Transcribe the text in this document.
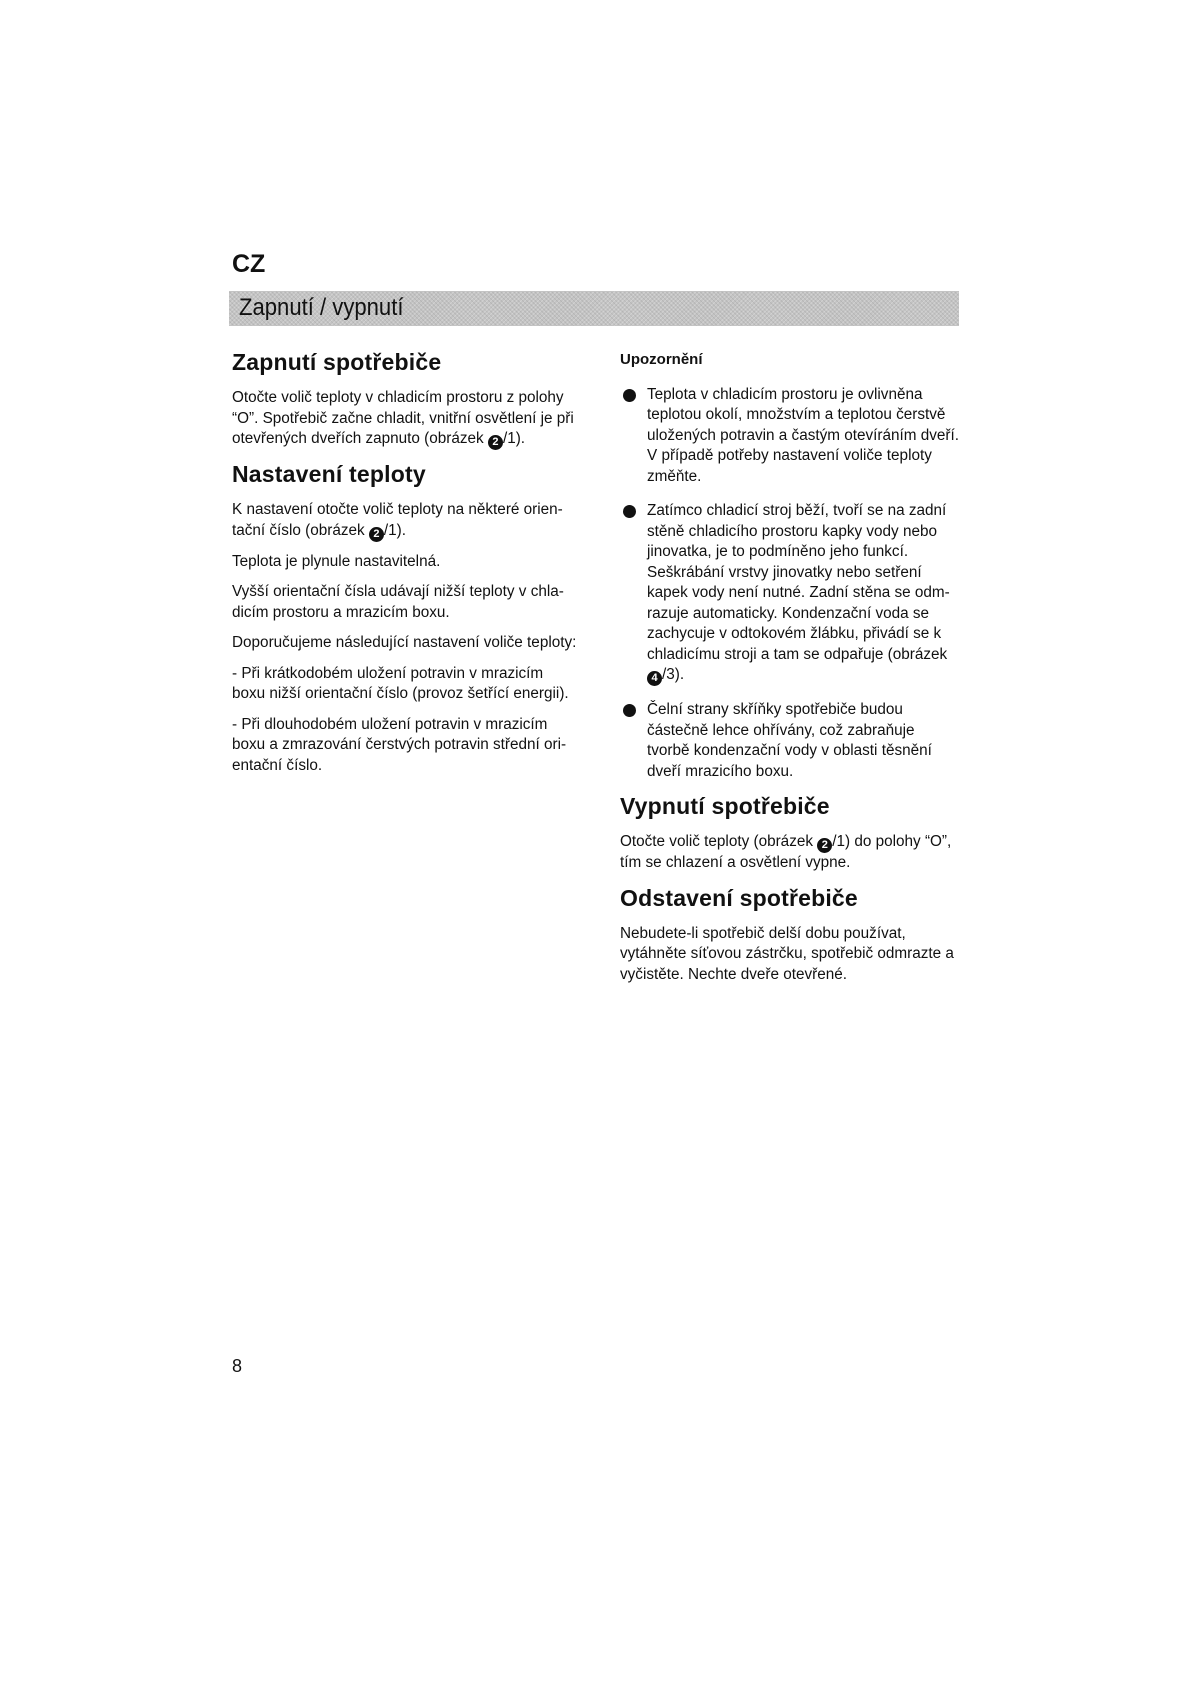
CZ
Zapnutí / vypnutí
Zapnutí spotřebiče

Otočte volič teploty v chladicím prostoru z polohy “O”. Spotřebič začne chladit, vnitřní osvětlení je při otevřených dveřích zapnuto (obrázek 2 /1).

Nastavení teploty

K nastavení otočte volič teploty na některé orien-tační číslo (obrázek 2 /1).

Teplota je plynule nastavitelná.

Vyšší orientační čísla udávají nižší teploty v chla-dicím prostoru a mrazicím boxu.

Doporučujeme následující nastavení voliče teploty:

- Při krátkodobém uložení potravin v mrazicím boxu nižší orientační číslo (provoz šetřící energii).

- Při dlouhodobém uložení potravin v mrazicím boxu a zmrazování čerstvých potravin střední ori-entační číslo.

Upozornění

Teplota v chladicím prostoru je ovlivněna teplotou okolí, množstvím a teplotou čerstvě uložených potravin a častým otevíráním dveří. V případě potřeby nastavení voliče teploty změňte.
Zatímco chladicí stroj běží, tvoří se na zadní stěně chladicího prostoru kapky vody nebo jinovatka, je to podmíněno jeho funkcí. Seškrábání vrstvy jinovatky nebo setření kapek vody není nutné. Zadní stěna se odm-razuje automaticky. Kondenzační voda se zachycuje v odtokovém žlábku, přivádí se k chladicímu stroji a tam se odpařuje (obrázek 4 /3).
Čelní strany skříňky spotřebiče budou částečně lehce ohřívány, což zabraňuje tvorbě kondenzační vody v oblasti těsnění dveří mrazicího boxu.
Vypnutí spotřebiče

Otočte volič teploty (obrázek 2 /1) do polohy “O”, tím se chlazení a osvětlení vypne.

Odstavení spotřebiče

Nebudete-li spotřebič delší dobu používat, vytáhněte síťovou zástrčku, spotřebič odmrazte a vyčistěte. Nechte dveře otevřené.

8
